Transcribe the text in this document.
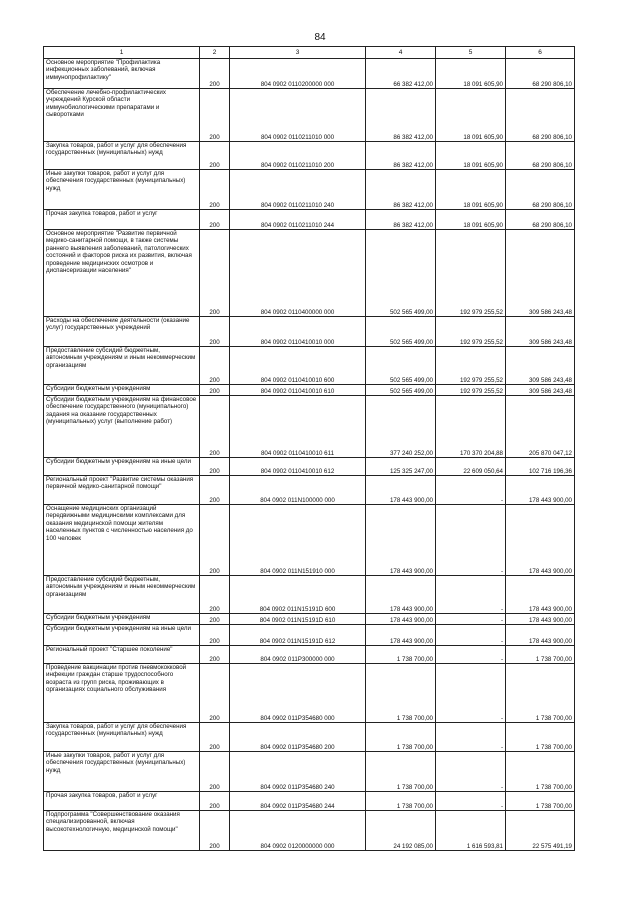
84
1	2	3	4	5	6
Основное мероприятие "Профилактика инфекционных заболеваний, включая иммунопрофилактику"	200	804 0902 0110200000 000	66 382 412,00	18 091 605,90	68 290 806,10
Обеспечение лечебно-профилактических учреждений Курской области иммунобиологическими препаратами и сыворотками	200	804 0902 0110211010 000	86 382 412,00	18 091 605,90	68 290 806,10
Закупка товаров, работ и услуг для обеспечения государственных (муниципальных) нужд	200	804 0902 0110211010 200	86 382 412,00	18 091 605,90	68 290 806,10
Иные закупки товаров, работ и услуг для обеспечения государственных (муниципальных) нужд	200	804 0902 0110211010 240	86 382 412,00	18 091 605,90	68 290 806,10
Прочая закупка товаров, работ и услуг	200	804 0902 0110211010 244	86 382 412,00	18 091 605,90	68 290 806,10
Основное мероприятие "Развитие первичной медико-санитарной помощи, в также системы раннего выявления заболеваний, патологических состояний и факторов риска их развития, включая проведение медицинских осмотров и диспансеризации населения"	200	804 0902 0110400000 000	502 565 499,00	192 979 255,52	309 586 243,48
Расходы на обеспечение деятельности (оказание услуг) государственных учреждений	200	804 0902 0110410010 000	502 565 499,00	192 979 255,52	309 586 243,48
Предоставление субсидий бюджетным, автономным учреждениям и иным некоммерческим организациям	200	804 0902 0110410010 600	502 565 499,00	192 979 255,52	309 586 243,48
Субсидии бюджетным учреждениям	200	804 0902 0110410010 610	502 565 499,00	192 979 255,52	309 586 243,48
Субсидии бюджетным учреждениям на финансовое обеспечение государственного (муниципального) задания на оказание государственных (муниципальных) услуг (выполнение работ)	200	804 0902 0110410010 611	377 240 252,00	170 370 204,88	205 870 047,12
Субсидии бюджетным учреждениям на иные цели	200	804 0902 0110410010 612	125 325 247,00	22 609 050,64	102 716 196,36
Региональный проект "Развитие системы оказания первичной медико-санитарной помощи"	200	804 0902 011N100000 000	178 443 900,00	-	178 443 900,00
Оснащение медицинских организаций передвижными медицинскими комплексами для оказания медицинской помощи жителям населенных пунктов с численностью населения до 100 человек	200	804 0902 011N151910 000	178 443 900,00	-	178 443 900,00
Предоставление субсидий бюджетным, автономным учреждениям и иным некоммерческим организациям	200	804 0902 011N15191D 600	178 443 900,00	-	178 443 900,00
Субсидии бюджетным учреждениям	200	804 0902 011N15191D 610	178 443 900,00	-	178 443 900,00
Субсидии бюджетным учреждениям на иные цели	200	804 0902 011N15191D 612	178 443 900,00	-	178 443 900,00
Региональный проект "Старшее поколение"	200	804 0902 011P300000 000	1 738 700,00	-	1 738 700,00
Проведение вакцинации против пневмококковой инфекции граждан старше трудоспособного возраста из групп риска, проживающих в организациях социального обслуживания	200	804 0902 011P354680 000	1 738 700,00	-	1 738 700,00
Закупка товаров, работ и услуг для обеспечения государственных (муниципальных) нужд	200	804 0902 011P354680 200	1 738 700,00	-	1 738 700,00
Иные закупки товаров, работ и услуг для обеспечения государственных (муниципальных) нужд	200	804 0902 011P354680 240	1 738 700,00	-	1 738 700,00
Прочая закупка товаров, работ и услуг	200	804 0902 011P354680 244	1 738 700,00	-	1 738 700,00
Подпрограмма "Совершенствование оказания специализированной, включая высокотехнологичную, медицинской помощи"	200	804 0902 0120000000 000	24 192 085,00	1 616 593,81	22 575 491,19
